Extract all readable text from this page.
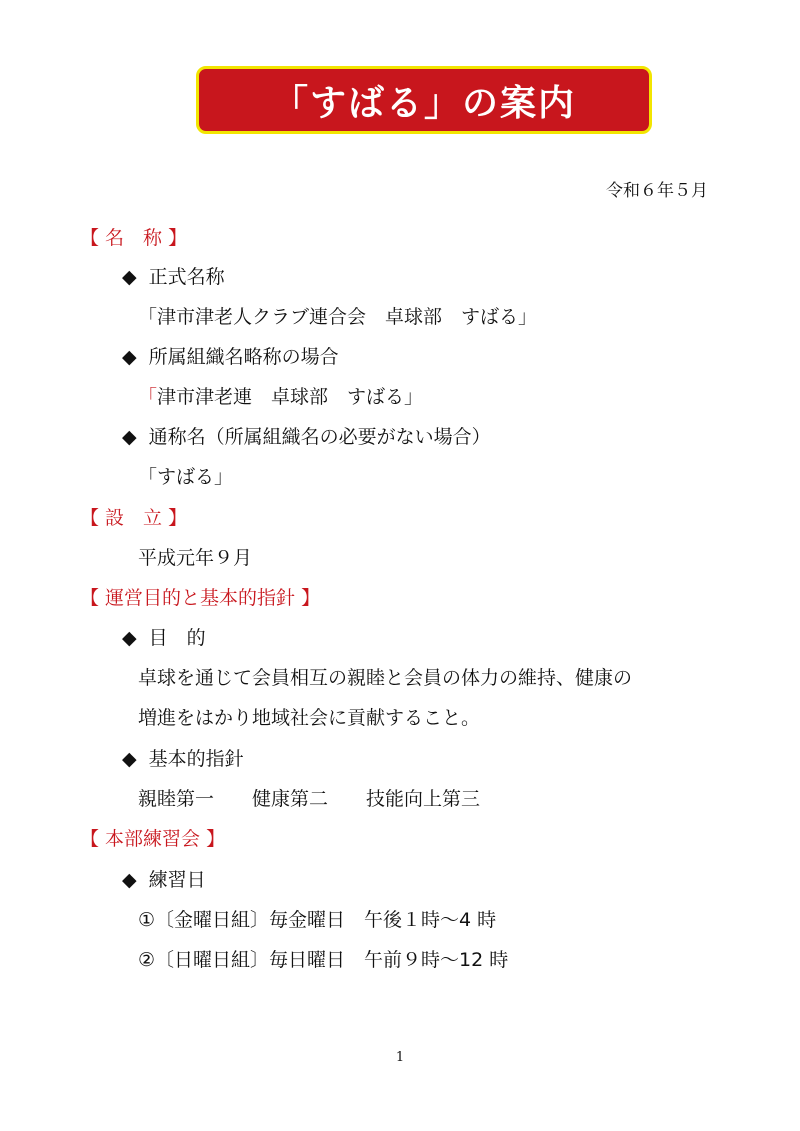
「すばる」の案内
令和６年５月
【 名　称 】
◆ 正式名称
「津市津老人クラブ連合会　卓球部　すばる」
◆ 所属組織名略称の場合
「津市津老連　卓球部　すばる」
◆ 通称名（所属組織名の必要がない場合）
「すばる」
【 設　立 】
平成元年９月
【 運営目的と基本的指針 】
◆ 目　的
卓球を通じて会員相互の親睦と会員の体力の維持、健康の
増進をはかり地域社会に貢献すること。
◆ 基本的指針
親睦第一　　健康第二　　技能向上第三
【 本部練習会 】
◆ 練習日
①〔金曜日組〕毎金曜日　午後１時～4 時
②〔日曜日組〕毎日曜日　午前９時～12 時
1
